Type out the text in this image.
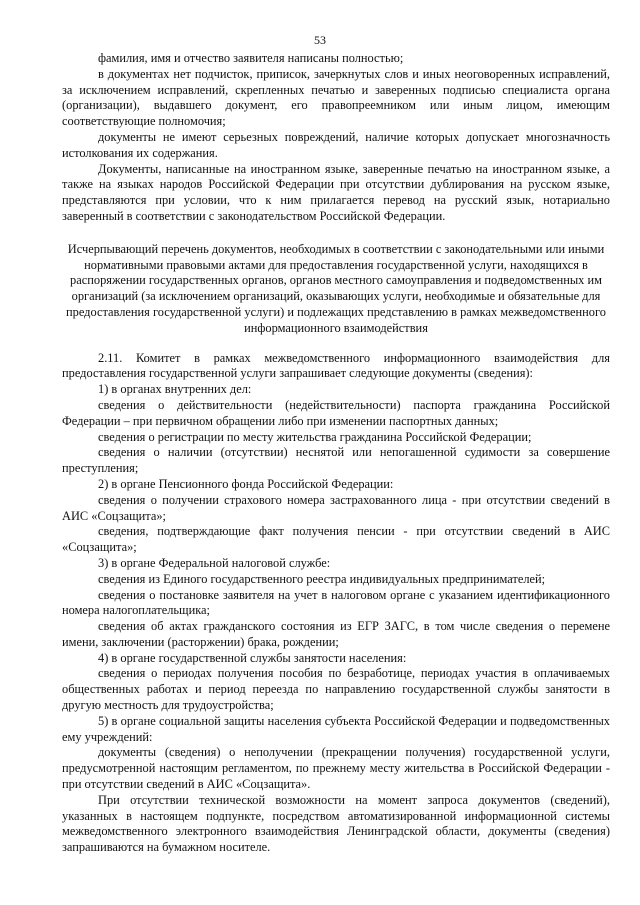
53

фамилия, имя и отчество заявителя написаны полностью;

в документах нет подчисток, приписок, зачеркнутых слов и иных неоговоренных исправлений, за исключением исправлений, скрепленных печатью и заверенных подписью специалиста органа (организации), выдавшего документ, его правопреемником или иным лицом, имеющим соответствующие полномочия;

документы не имеют серьезных повреждений, наличие которых допускает многозначность истолкования их содержания.

Документы, написанные на иностранном языке, заверенные печатью на иностранном языке, а также на языках народов Российской Федерации при отсутствии дублирования на русском языке, представляются при условии, что к ним прилагается перевод на русский язык, нотариально заверенный в соответствии с законодательством Российской Федерации.

Исчерпывающий перечень документов, необходимых в соответствии с законодательными или иными нормативными правовыми актами для предоставления государственной услуги, находящихся в распоряжении государственных органов, органов местного самоуправления и подведомственных им организаций (за исключением организаций, оказывающих услуги, необходимые и обязательные для предоставления государственной услуги) и подлежащих представлению в рамках межведомственного информационного взаимодействия

2.11. Комитет в рамках межведомственного информационного взаимодействия для предоставления государственной услуги запрашивает следующие документы (сведения):

1) в органах внутренних дел:

сведения о действительности (недействительности) паспорта гражданина Российской Федерации – при первичном обращении либо при изменении паспортных данных;

сведения о регистрации по месту жительства гражданина Российской Федерации;

сведения о наличии (отсутствии) неснятой или непогашенной судимости за совершение преступления;

2) в органе Пенсионного фонда Российской Федерации:

сведения о получении страхового номера застрахованного лица - при отсутствии сведений в АИС «Соцзащита»;

сведения, подтверждающие факт получения пенсии - при отсутствии сведений в АИС «Соцзащита»;

3) в органе Федеральной налоговой службе:

сведения из Единого государственного реестра индивидуальных предпринимателей;

сведения о постановке заявителя на учет в налоговом органе с указанием идентификационного номера налогоплательщика;

сведения об актах гражданского состояния из ЕГР ЗАГС, в том числе сведения о перемене имени, заключении (расторжении) брака, рождении;

4) в органе государственной службы занятости населения:

сведения о периодах получения пособия по безработице, периодах участия в оплачиваемых общественных работах и период переезда по направлению государственной службы занятости в другую местность для трудоустройства;

5) в органе социальной защиты населения субъекта Российской Федерации и подведомственных ему учреждений:

документы (сведения) о неполучении (прекращении получения) государственной услуги, предусмотренной настоящим регламентом, по прежнему месту жительства в Российской Федерации - при отсутствии сведений в АИС «Соцзащита».

При отсутствии технической возможности на момент запроса документов (сведений), указанных в настоящем подпункте, посредством автоматизированной информационной системы межведомственного электронного взаимодействия Ленинградской области, документы (сведения) запрашиваются на бумажном носителе.
